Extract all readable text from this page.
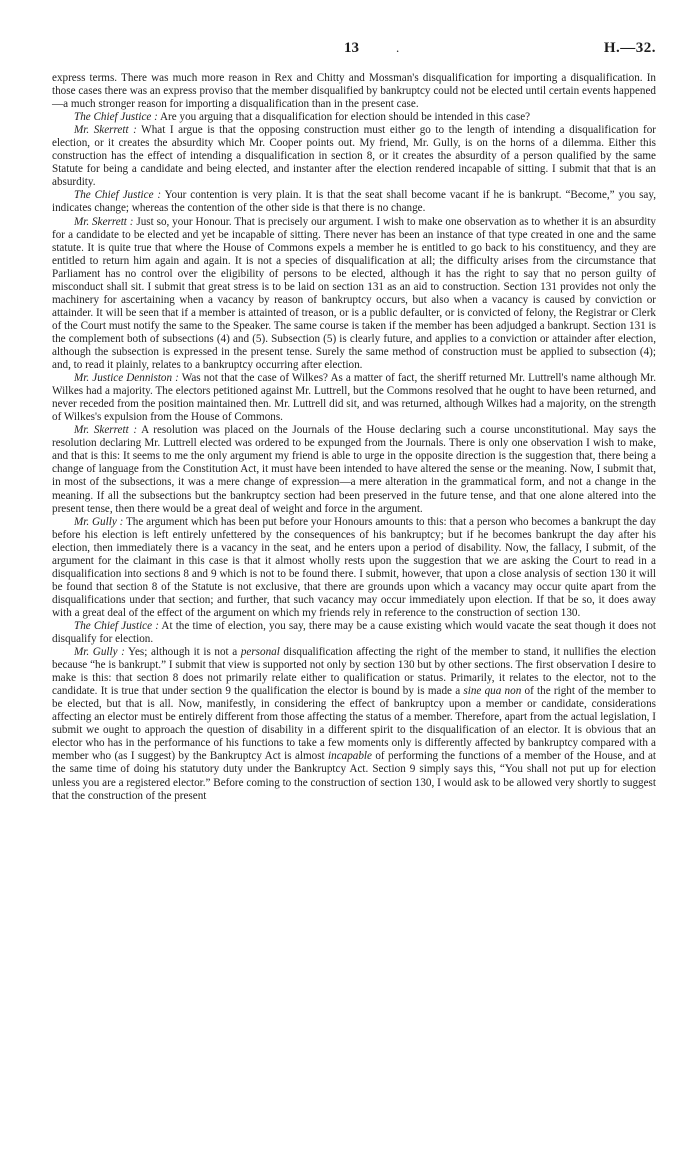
13	.	H.—32.

express terms. There was much more reason in Rex and Chitty and Mossman's disqualification for importing a disqualification. In those cases there was an express proviso that the member disqualified by bankruptcy could not be elected until certain events happened—a much stronger reason for importing a disqualification than in the present case.

The Chief Justice : Are you arguing that a disqualification for election should be intended in this case?

Mr. Skerrett : What I argue is that the opposing construction must either go to the length of intending a disqualification for election, or it creates the absurdity which Mr. Cooper points out. My friend, Mr. Gully, is on the horns of a dilemma. Either this construction has the effect of intending a disqualification in section 8, or it creates the absurdity of a person qualified by the same Statute for being a candidate and being elected, and instanter after the election rendered incapable of sitting. I submit that that is an absurdity.

The Chief Justice : Your contention is very plain. It is that the seat shall become vacant if he is bankrupt. “Become,” you say, indicates change; whereas the contention of the other side is that there is no change.

Mr. Skerrett : Just so, your Honour. That is precisely our argument. I wish to make one observation as to whether it is an absurdity for a candidate to be elected and yet be incapable of sitting. There never has been an instance of that type created in one and the same statute. It is quite true that where the House of Commons expels a member he is entitled to go back to his constituency, and they are entitled to return him again and again. It is not a species of disqualification at all; the difficulty arises from the circumstance that Parliament has no control over the eligibility of persons to be elected, although it has the right to say that no person guilty of misconduct shall sit. I submit that great stress is to be laid on section 131 as an aid to construction. Section 131 provides not only the machinery for ascertaining when a vacancy by reason of bankruptcy occurs, but also when a vacancy is caused by conviction or attainder. It will be seen that if a member is attainted of treason, or is a public defaulter, or is convicted of felony, the Registrar or Clerk of the Court must notify the same to the Speaker. The same course is taken if the member has been adjudged a bankrupt. Section 131 is the complement both of subsections (4) and (5). Subsection (5) is clearly future, and applies to a conviction or attainder after election, although the subsection is expressed in the present tense. Surely the same method of construction must be applied to subsection (4); and, to read it plainly, relates to a bankruptcy occurring after election.

Mr. Justice Denniston : Was not that the case of Wilkes? As a matter of fact, the sheriff returned Mr. Luttrell's name although Mr. Wilkes had a majority. The electors petitioned against Mr. Luttrell, but the Commons resolved that he ought to have been returned, and never receded from the position maintained then. Mr. Luttrell did sit, and was returned, although Wilkes had a majority, on the strength of Wilkes's expulsion from the House of Commons.

Mr. Skerrett : A resolution was placed on the Journals of the House declaring such a course unconstitutional. May says the resolution declaring Mr. Luttrell elected was ordered to be expunged from the Journals. There is only one observation I wish to make, and that is this: It seems to me the only argument my friend is able to urge in the opposite direction is the suggestion that, there being a change of language from the Constitution Act, it must have been intended to have altered the sense or the meaning. Now, I submit that, in most of the subsections, it was a mere change of expression—a mere alteration in the grammatical form, and not a change in the meaning. If all the subsections but the bankruptcy section had been preserved in the future tense, and that one alone altered into the present tense, then there would be a great deal of weight and force in the argument.

Mr. Gully : The argument which has been put before your Honours amounts to this: that a person who becomes a bankrupt the day before his election is left entirely unfettered by the consequences of his bankruptcy; but if he becomes bankrupt the day after his election, then immediately there is a vacancy in the seat, and he enters upon a period of disability. Now, the fallacy, I submit, of the argument for the claimant in this case is that it almost wholly rests upon the suggestion that we are asking the Court to read in a disqualification into sections 8 and 9 which is not to be found there. I submit, however, that upon a close analysis of section 130 it will be found that section 8 of the Statute is not exclusive, that there are grounds upon which a vacancy may occur quite apart from the disqualifications under that section; and further, that such vacancy may occur immediately upon election. If that be so, it does away with a great deal of the effect of the argument on which my friends rely in reference to the construction of section 130.

The Chief Justice : At the time of election, you say, there may be a cause existing which would vacate the seat though it does not disqualify for election.

Mr. Gully : Yes; although it is not a personal disqualification affecting the right of the member to stand, it nullifies the election because “he is bankrupt.” I submit that view is supported not only by section 130 but by other sections. The first observation I desire to make is this: that section 8 does not primarily relate either to qualification or status. Primarily, it relates to the elector, not to the candidate. It is true that under section 9 the qualification the elector is bound by is made a sine qua non of the right of the member to be elected, but that is all. Now, manifestly, in considering the effect of bankruptcy upon a member or candidate, considerations affecting an elector must be entirely different from those affecting the status of a member. Therefore, apart from the actual legislation, I submit we ought to approach the question of disability in a different spirit to the disqualification of an elector. It is obvious that an elector who has in the performance of his functions to take a few moments only is differently affected by bankruptcy compared with a member who (as I suggest) by the Bankruptcy Act is almost incapable of performing the functions of a member of the House, and at the same time of doing his statutory duty under the Bankruptcy Act. Section 9 simply says this, “You shall not put up for election unless you are a registered elector.” Before coming to the construction of section 130, I would ask to be allowed very shortly to suggest that the construction of the present
